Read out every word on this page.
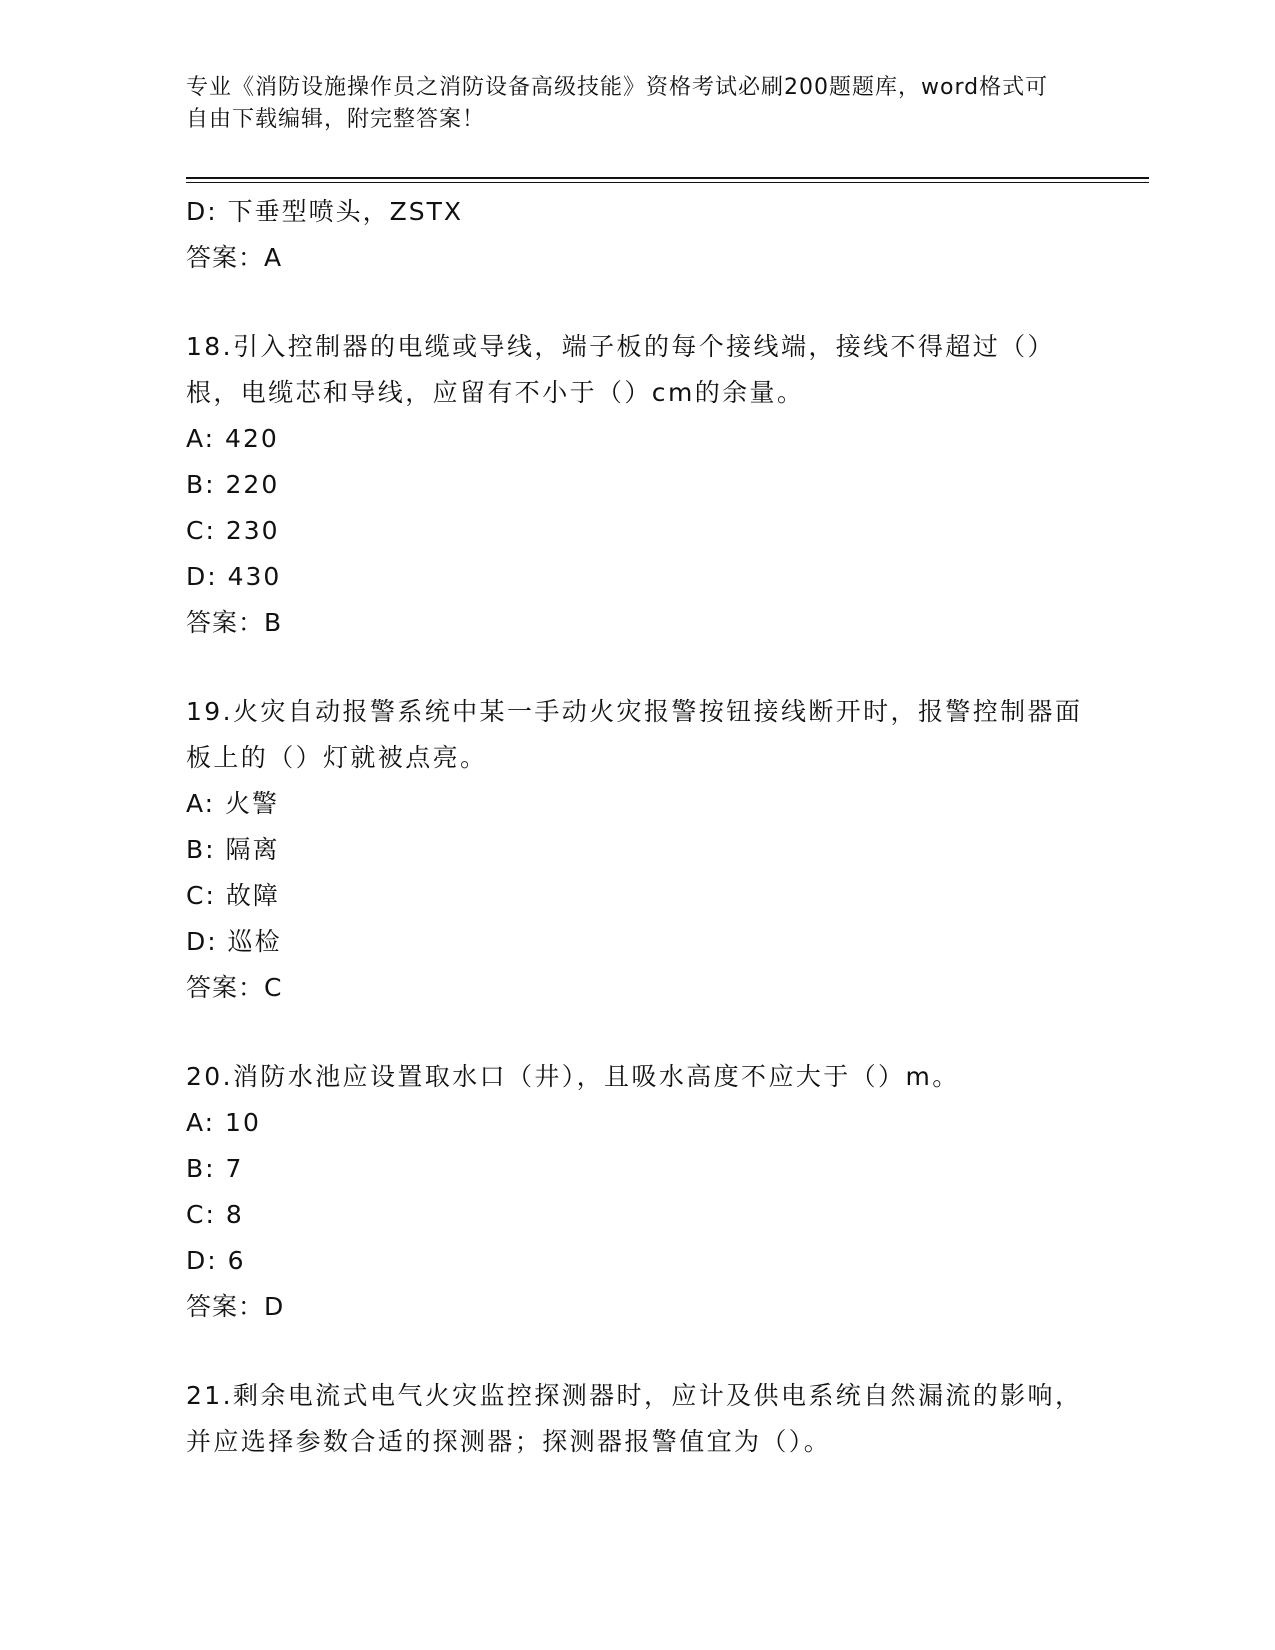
专业《消防设施操作员之消防设备高级技能》资格考试必刷200题题库，word格式可自由下载编辑，附完整答案！
D: 下垂型喷头，ZSTX
答案：A
18.引入控制器的电缆或导线，端子板的每个接线端，接线不得超过（）根，电缆芯和导线，应留有不小于（）cm的余量。
A: 420
B: 220
C: 230
D: 430
答案：B
19.火灾自动报警系统中某一手动火灾报警按钮接线断开时，报警控制器面板上的（）灯就被点亮。
A: 火警
B: 隔离
C: 故障
D: 巡检
答案：C
20.消防水池应设置取水口（井），且吸水高度不应大于（）m。
A: 10
B: 7
C: 8
D: 6
答案：D
21.剩余电流式电气火灾监控探测器时，应计及供电系统自然漏流的影响，并应选择参数合适的探测器；探测器报警值宜为（）。
